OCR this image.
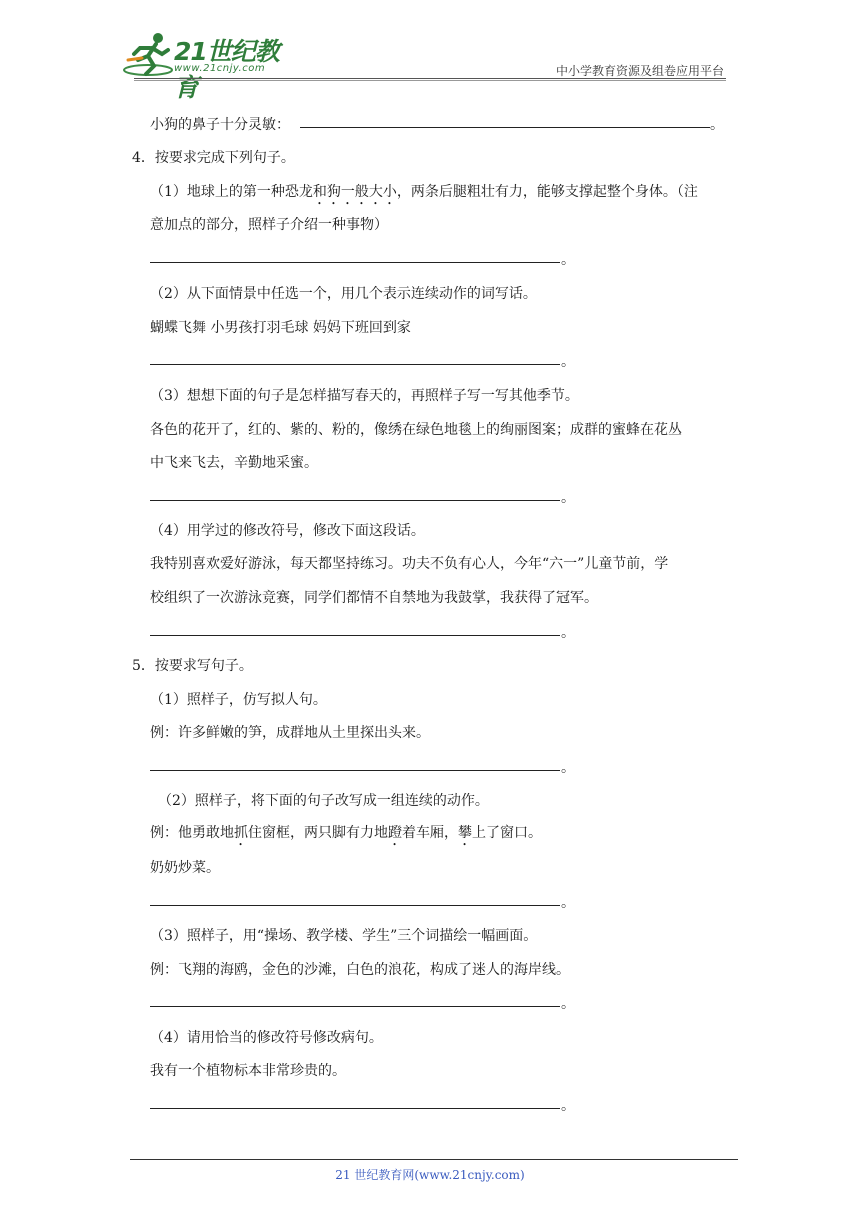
21世纪教育
www.21cnjy.com	中小学教育资源及组卷应用平台
小狗的鼻子十分灵敏：	。
4．按要求完成下列句子。
（1）地球上的第一种恐龙和狗一般大小，两条后腿粗壮有力，能够支撑起整个身体。（注
意加点的部分，照样子介绍一种事物）
。
（2）从下面情景中任选一个，用几个表示连续动作的词写话。
蝴蝶飞舞 小男孩打羽毛球 妈妈下班回到家
。
（3）想想下面的句子是怎样描写春天的，再照样子写一写其他季节。
各色的花开了，红的、紫的、粉的，像绣在绿色地毯上的绚丽图案；成群的蜜蜂在花丛
中飞来飞去，辛勤地采蜜。
。
（4）用学过的修改符号，修改下面这段话。
我特别喜欢爱好游泳，每天都坚持练习。功夫不负有心人，今年“六一”儿童节前，学
校组织了一次游泳竞赛，同学们都情不自禁地为我鼓掌，我获得了冠军。
。
5．按要求写句子。
（1）照样子，仿写拟人句。
例：许多鲜嫩的笋，成群地从土里探出头来。
。
（2）照样子，将下面的句子改写成一组连续的动作。
例：他勇敢地抓住窗框，两只脚有力地蹬着车厢，攀上了窗口。
奶奶炒菜。
。
（3）照样子，用“操场、教学楼、学生”三个词描绘一幅画面。
例：飞翔的海鸥，金色的沙滩，白色的浪花，构成了迷人的海岸线。
。
（4）请用恰当的修改符号修改病句。
我有一个植物标本非常珍贵的。
。
21 世纪教育网(www.21cnjy.com)
